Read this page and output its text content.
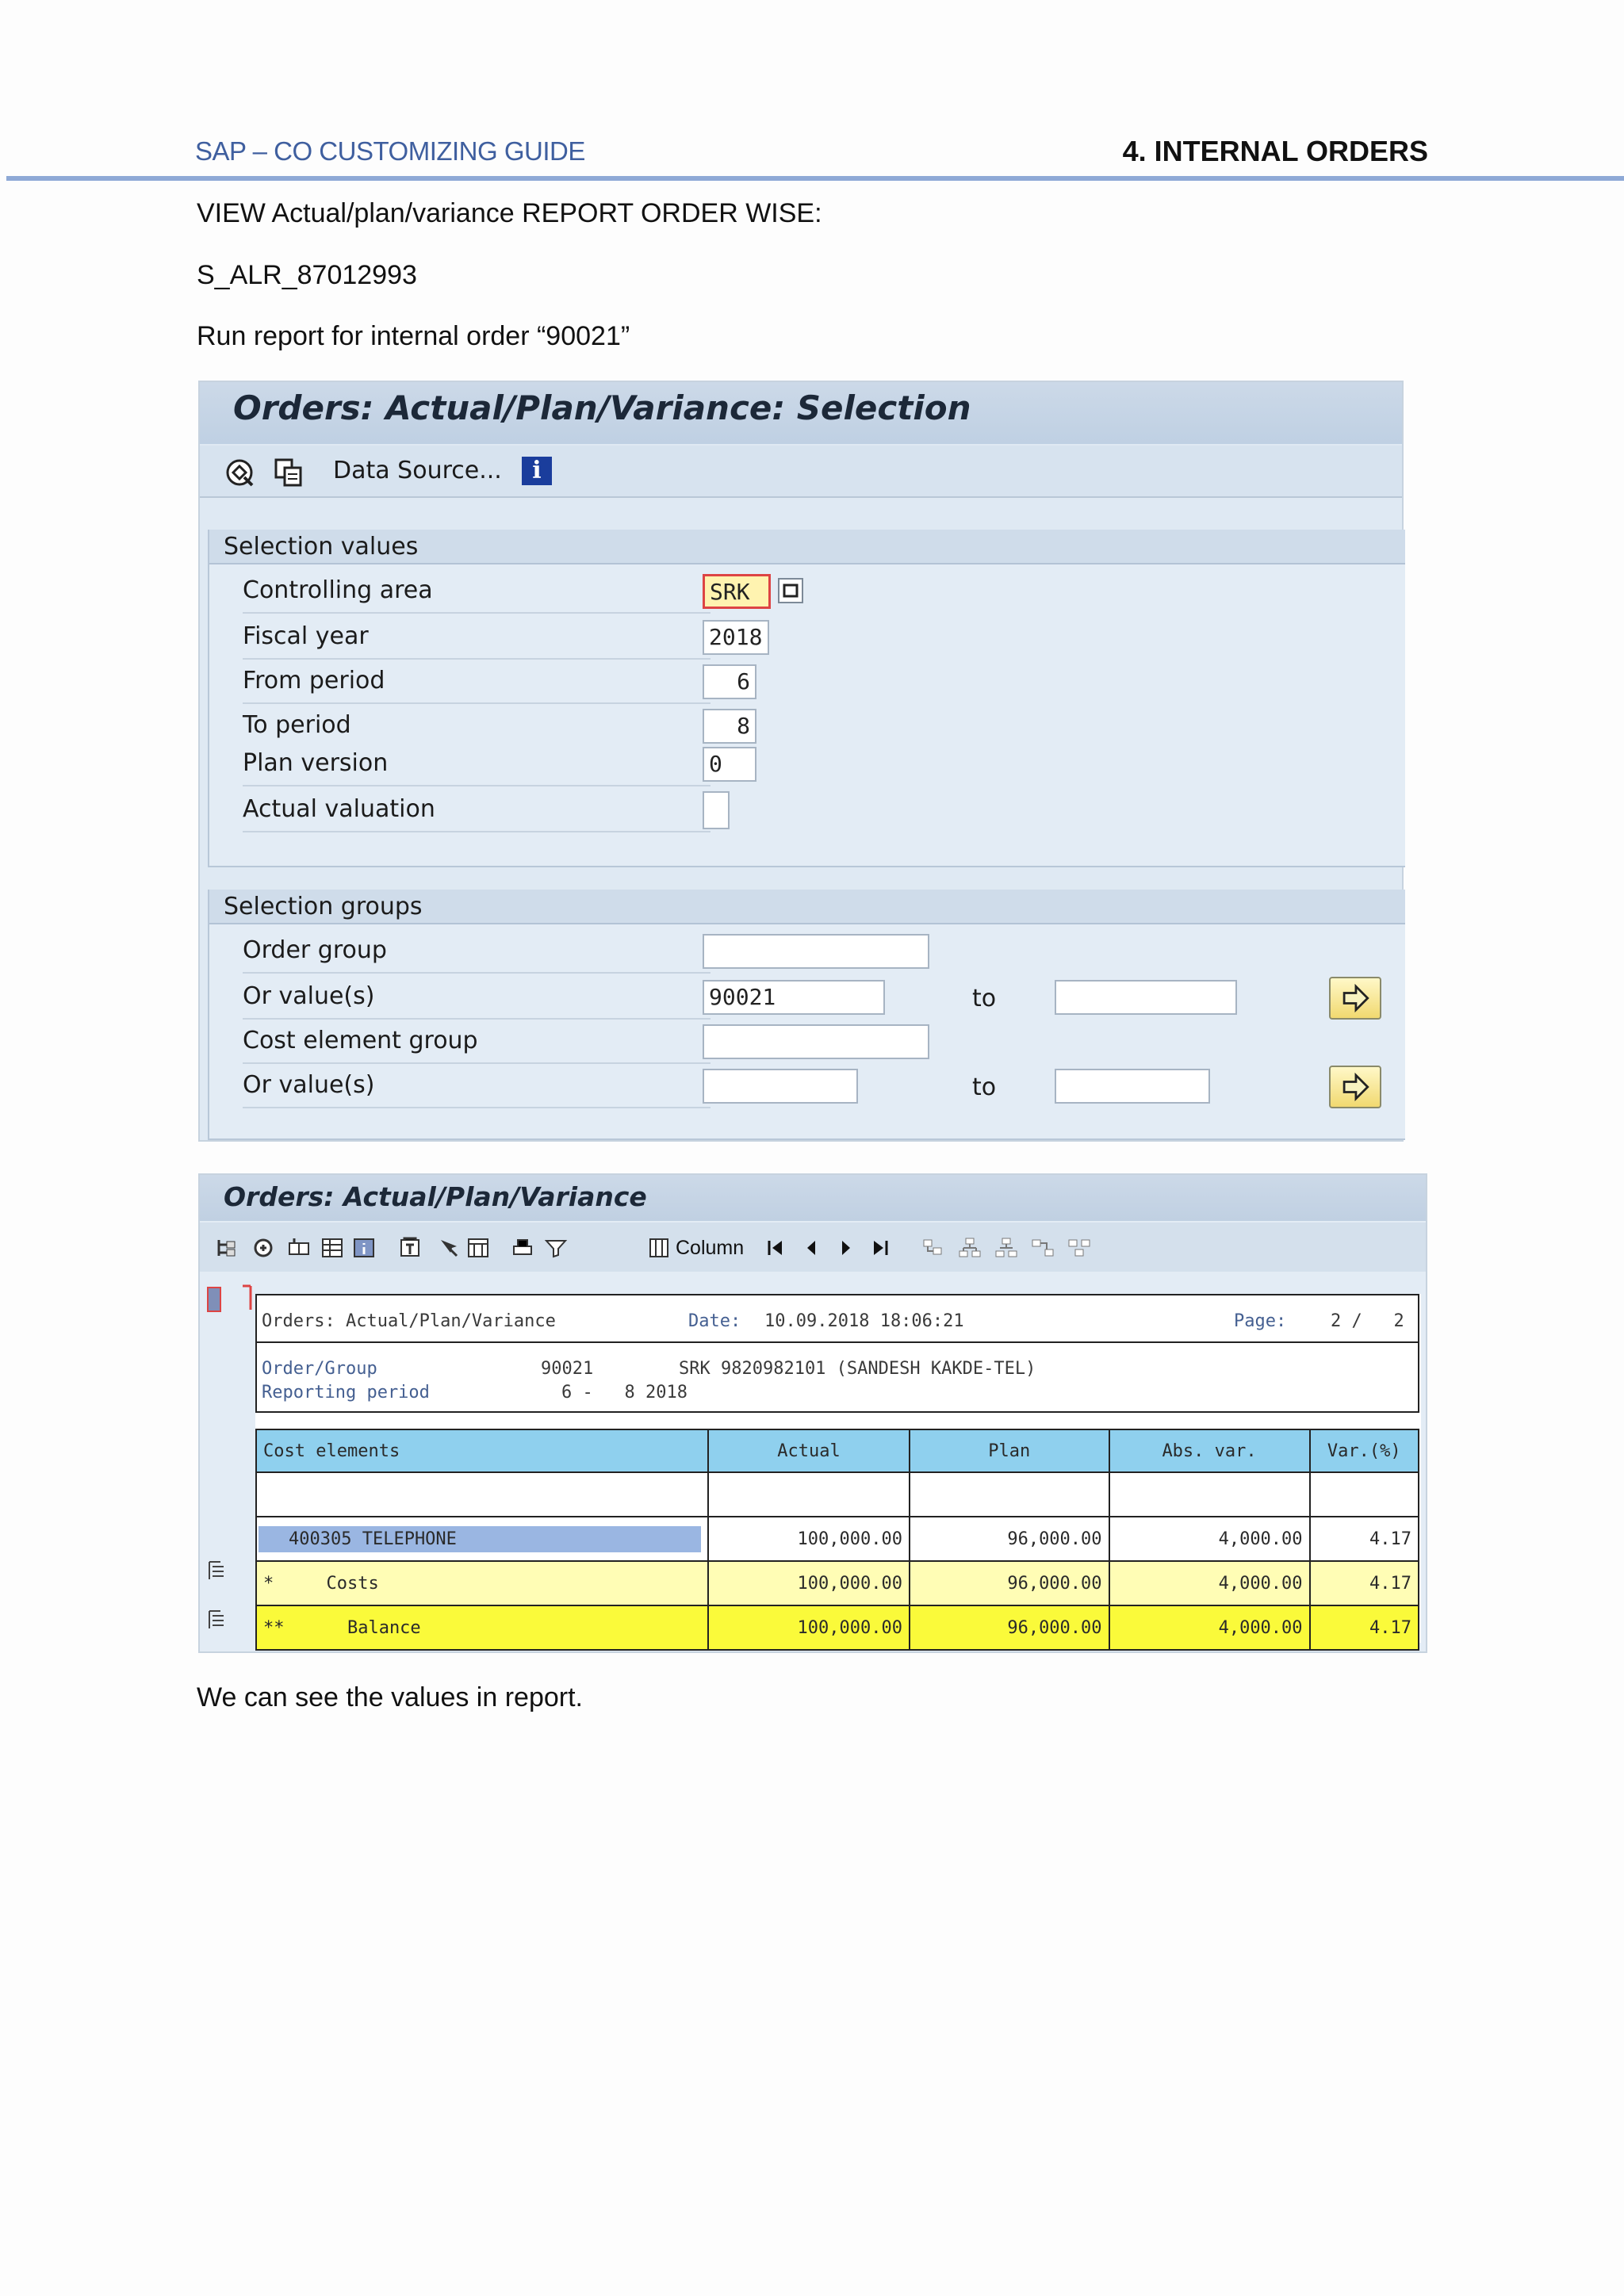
SAP – CO CUSTOMIZING GUIDE	4. INTERNAL ORDERS
VIEW Actual/plan/variance REPORT ORDER WISE:
S_ALR_87012993
Run report for internal order “90021”
Orders: Actual/Plan/Variance: Selection
Data Source...	i
Selection values
Controlling area	SRK
Fiscal year	2018
From period	6
To period	8
Plan version	0
Actual valuation
Selection groups
Order group
Or value(s)	90021	to
Cost element group
Or value(s)	to
Orders: Actual/Plan/Variance
Column
Orders: Actual/Plan/Variance	Date: 10.09.2018 18:06:21	Page:	2 /   2
Order/Group	90021	SRK 9820982101 (SANDESH KAKDE-TEL)
Reporting period	6 -   8 2018
Cost elements	Actual	Plan	Abs. var.	Var.(%)

400305 TELEPHONE	100,000.00	96,000.00	4,000.00	4.17
*     Costs	100,000.00	96,000.00	4,000.00	4.17
**      Balance	100,000.00	96,000.00	4,000.00	4.17
We can see the values in report.
